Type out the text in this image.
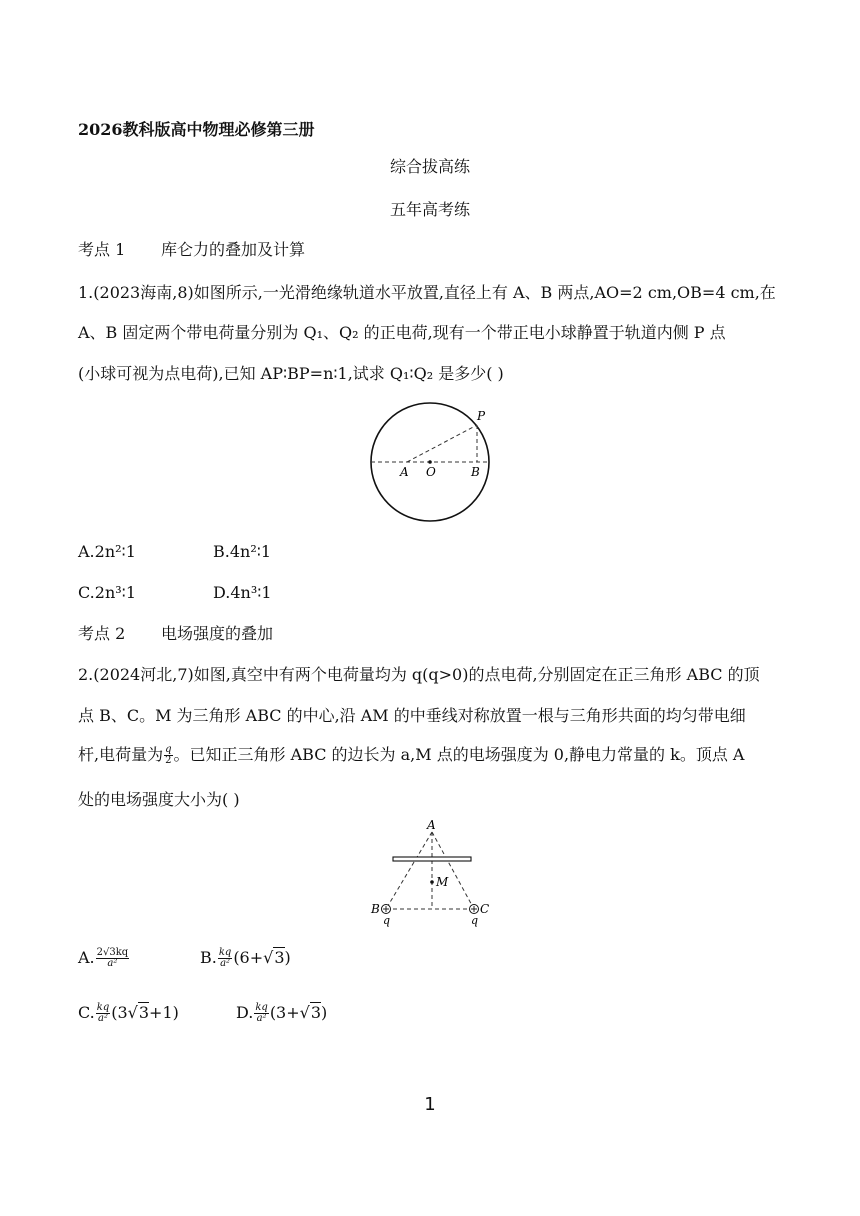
2026教科版高中物理必修第三册
综合拔高练
五年高考练
考点 1 库仑力的叠加及计算
1.(2023海南,8)如图所示,一光滑绝缘轨道水平放置,直径上有 A、B 两点,AO=2 cm,OB=4 cm,在
A、B 固定两个带电荷量分别为 Q₁、Q₂ 的正电荷,现有一个带正电小球静置于轨道内侧 P 点
(小球可视为点电荷),已知 AP∶BP=n∶1,试求 Q₁∶Q₂ 是多少( )
P
A O	B
A.2n²∶1	B.4n²∶1
C.2n³∶1	D.4n³∶1
考点 2 电场强度的叠加
2.(2024河北,7)如图,真空中有两个电荷量均为 q(q>0)的点电荷,分别固定在正三角形 ABC 的顶
点 B、C。M 为三角形 ABC 的中心,沿 AM 的中垂线对称放置一根与三角形共面的均匀带电细
杆,电荷量为 $\frac{q}{2}$ 。已知正三角形 ABC 的边长为 a,M 点的电场强度为 0,静电力常量的 k。顶点 A
处的电场强度大小为( )
A
M
B	C
q	q
A. $\frac{2√3kq}{\text{a²}}$	B. $\frac{kq}{\text{a²}} (6+√3)$
C. $\frac{kq}{\text{a²}} (3√3+1)$	D. $\frac{kq}{\text{a²}} (3+√3)$
1
